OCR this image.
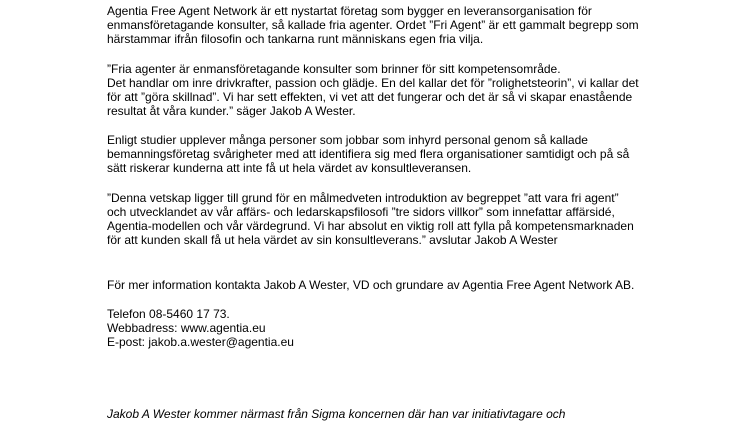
Agentia Free Agent Network är ett nystartat företag som bygger en leveransorganisation för
enmansföretagande konsulter, så kallade fria agenter. Ordet ”Fri Agent” är ett gammalt begrepp som
härstammar ifrån filosofin och tankarna runt människans egen fria vilja.
”Fria agenter är enmansföretagande konsulter som brinner för sitt kompetensområde.
Det handlar om inre drivkrafter, passion och glädje. En del kallar det för ”rolighetsteorin”, vi kallar det
för att ”göra skillnad”. Vi har sett effekten, vi vet att det fungerar och det är så vi skapar enastående
resultat åt våra kunder.” säger Jakob A Wester.
Enligt studier upplever många personer som jobbar som inhyrd personal genom så kallade
bemanningsföretag svårigheter med att identifiera sig med flera organisationer samtidigt och på så
sätt riskerar kunderna att inte få ut hela värdet av konsultleveransen.
”Denna vetskap ligger till grund för en målmedveten introduktion av begreppet ”att vara fri agent”
och utvecklandet av vår affärs- och ledarskapsfilosofi ”tre sidors villkor” som innefattar affärsidé,
Agentia-modellen och vår värdegrund. Vi har absolut en viktig roll att fylla på kompetensmarknaden
för att kunden skall få ut hela värdet av sin konsultleverans.” avslutar Jakob A Wester
För mer information kontakta Jakob A Wester, VD och grundare av Agentia Free Agent Network AB.
Telefon 08-5460 17 73.
Webbadress: www.agentia.eu
E-post: jakob.a.wester@agentia.eu
Jakob A Wester kommer närmast från Sigma koncernen där han var initiativtagare och
